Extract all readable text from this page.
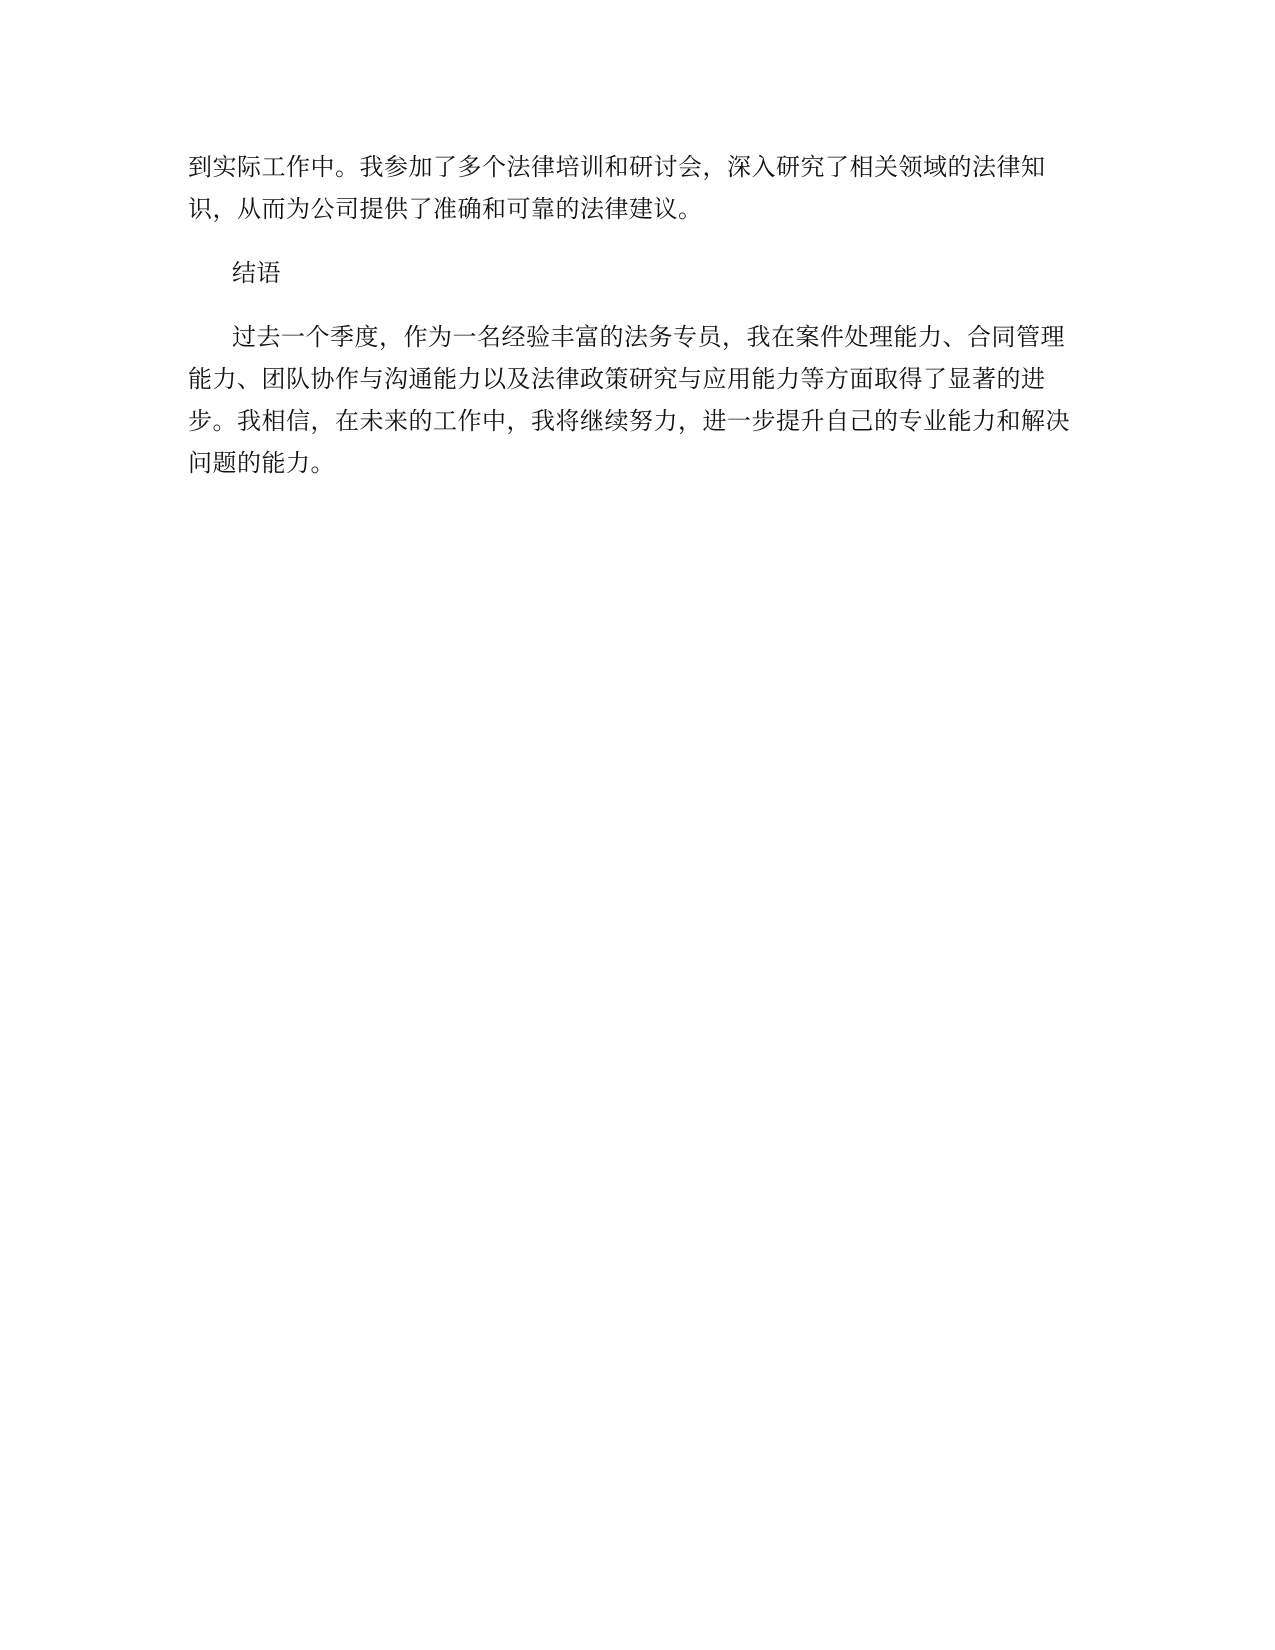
到实际工作中。我参加了多个法律培训和研讨会，深入研究了相关领域的法律知
识，从而为公司提供了准确和可靠的法律建议。
结语
过去一个季度，作为一名经验丰富的法务专员，我在案件处理能力、合同管理
能力、团队协作与沟通能力以及法律政策研究与应用能力等方面取得了显著的进
步。我相信，在未来的工作中，我将继续努力，进一步提升自己的专业能力和解决
问题的能力。
